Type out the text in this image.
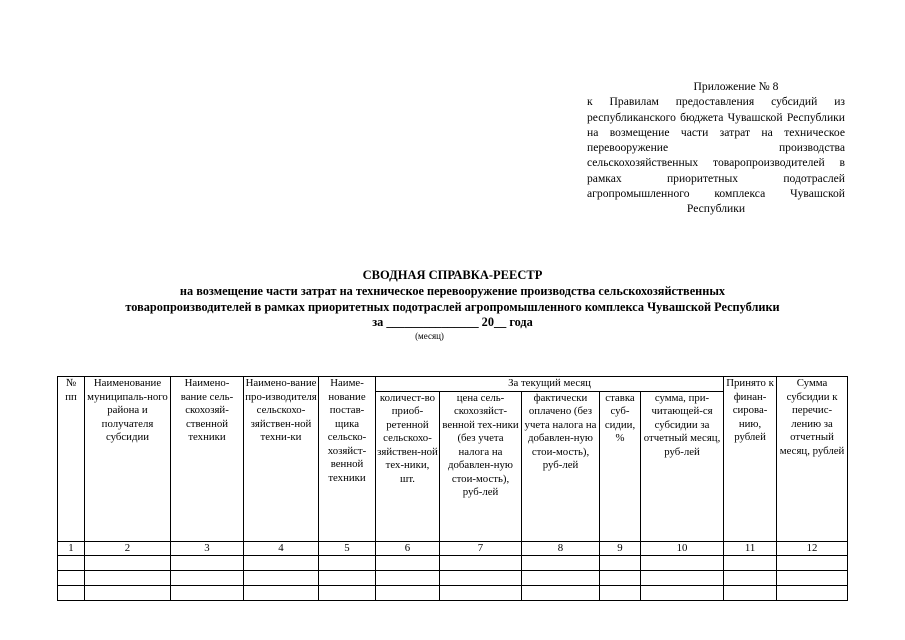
Приложение № 8
к Правилам предоставления субсидий из республиканского бюджета Чувашской Республики на возмещение части затрат на техническое перевооружение производства сельскохозяйственных товаропроизводителей в рамках приоритетных подотраслей агропромышленного комплекса Чувашской Республики
СВОДНАЯ СПРАВКА-РЕЕСТР
на возмещение части затрат на техническое перевооружение производства сельскохозяйственных
товаропроизводителей в рамках приоритетных подотраслей агропромышленного комплекса Чувашской Республики
за _______________ 20__ года
(месяц)
№ пп	Наименование муниципаль-ного района и получателя субсидии	Наимено-вание сель-скохозяй-ственной техники	Наимено-вание про-изводителя сельскохо-зяйствен-ной техни-ки	Наиме-нование постав-щика сельско-хозяйст-венной техники	За текущий месяц					Принято к финан-сирова-нию, рублей	Сумма субсидии к перечис-лению за отчетный месяц, рублей
					количест-во приоб-ретенной сельскохо-зяйствен-ной тех-ники, шт.	цена сель-скохозяйст-венной тех-ники (без учета налога на добавлен-ную стои-мость), руб-лей	фактически оплачено (без учета налога на добавлен-ную стои-мость), руб-лей	ставка суб-сидии, %	сумма, при-читающей-ся субсидии за отчетный месяц, руб-лей		
1	2	3	4	5	6	7	8	9	10	11	12
